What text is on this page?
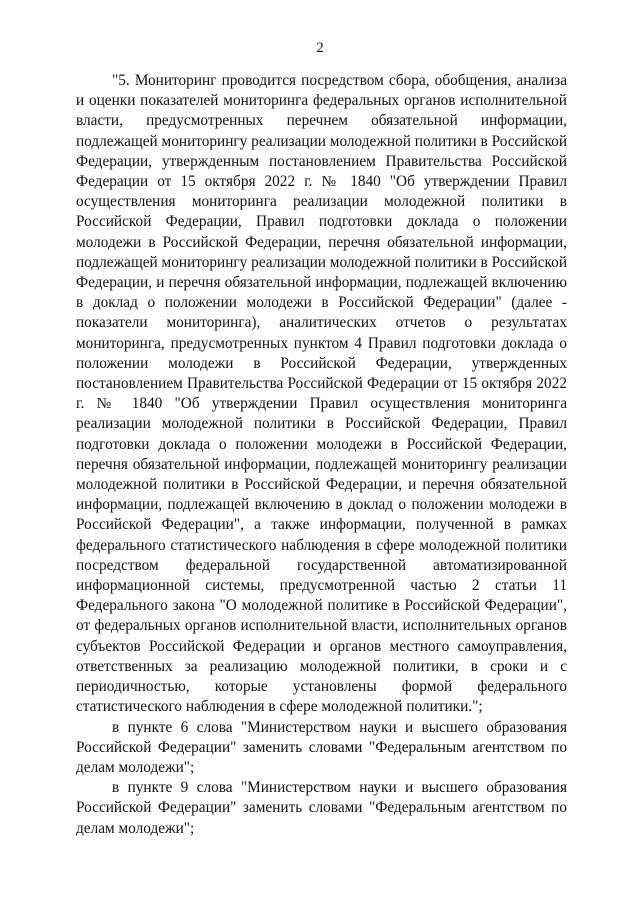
2

"5. Мониторинг проводится посредством сбора, обобщения, анализа и оценки показателей мониторинга федеральных органов исполнительной власти, предусмотренных перечнем обязательной информации, подлежащей мониторингу реализации молодежной политики в Российской Федерации, утвержденным постановлением Правительства Российской Федерации от 15 октября 2022 г. № 1840 "Об утверждении Правил осуществления мониторинга реализации молодежной политики в Российской Федерации, Правил подготовки доклада о положении молодежи в Российской Федерации, перечня обязательной информации, подлежащей мониторингу реализации молодежной политики в Российской Федерации, и перечня обязательной информации, подлежащей включению в доклад о положении молодежи в Российской Федерации" (далее - показатели мониторинга), аналитических отчетов о результатах мониторинга, предусмотренных пунктом 4 Правил подготовки доклада о положении молодежи в Российской Федерации, утвержденных постановлением Правительства Российской Федерации от 15 октября 2022 г. № 1840 "Об утверждении Правил осуществления мониторинга реализации молодежной политики в Российской Федерации, Правил подготовки доклада о положении молодежи в Российской Федерации, перечня обязательной информации, подлежащей мониторингу реализации молодежной политики в Российской Федерации, и перечня обязательной информации, подлежащей включению в доклад о положении молодежи в Российской Федерации", а также информации, полученной в рамках федерального статистического наблюдения в сфере молодежной политики посредством федеральной государственной автоматизированной информационной системы, предусмотренной частью 2 статьи 11 Федерального закона "О молодежной политике в Российской Федерации", от федеральных органов исполнительной власти, исполнительных органов субъектов Российской Федерации и органов местного самоуправления, ответственных за реализацию молодежной политики, в сроки и с периодичностью, которые установлены формой федерального статистического наблюдения в сфере молодежной политики.";

в пункте 6 слова "Министерством науки и высшего образования Российской Федерации" заменить словами "Федеральным агентством по делам молодежи";

в пункте 9 слова "Министерством науки и высшего образования Российской Федерации" заменить словами "Федеральным агентством по делам молодежи";
